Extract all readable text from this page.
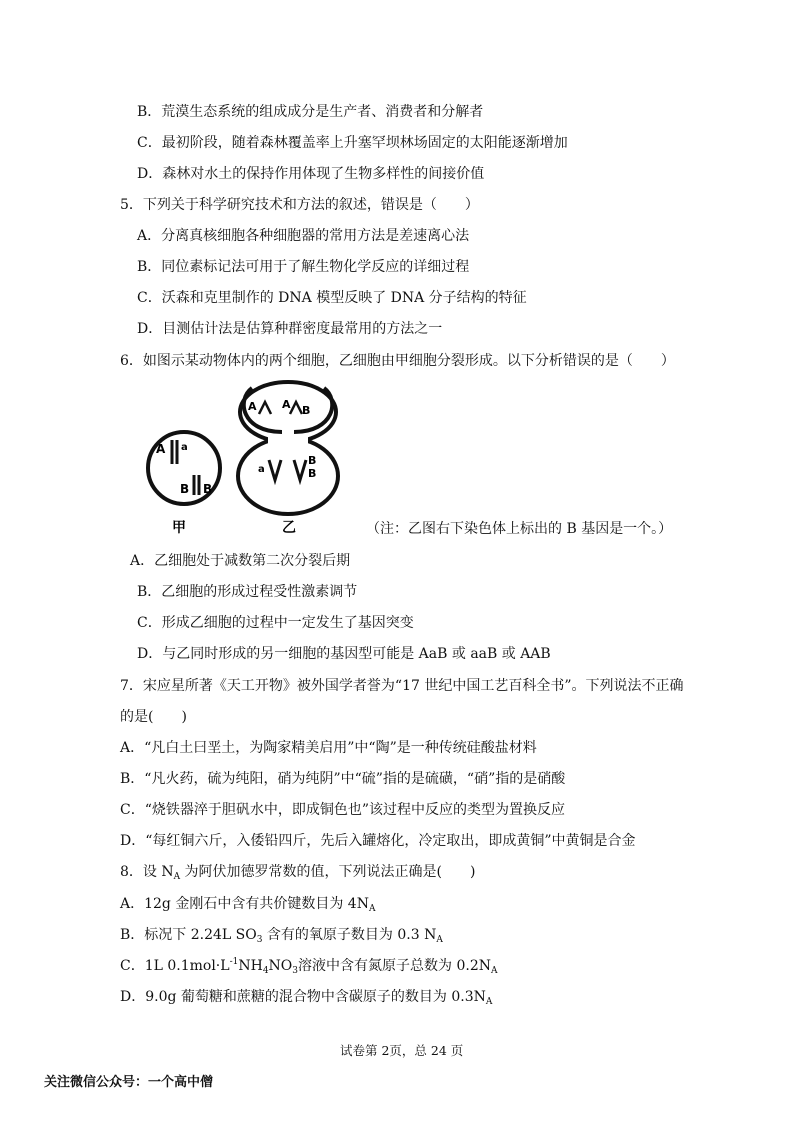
B．荒漠生态系统的组成成分是生产者、消费者和分解者
C．最初阶段，随着森林覆盖率上升塞罕坝林场固定的太阳能逐渐增加
D．森林对水土的保持作用体现了生物多样性的间接价值
5．下列关于科学研究技术和方法的叙述，错误是（　　）
A．分离真核细胞各种细胞器的常用方法是差速离心法
B．同位素标记法可用于了解生物化学反应的详细过程
C．沃森和克里制作的 DNA 模型反映了 DNA 分子结构的特征
D．目测估计法是估算种群密度最常用的方法之一
6．如图示某动物体内的两个细胞，乙细胞由甲细胞分裂形成。以下分析错误的是（　　）
A a
B B
甲
A A B
a
B
B
乙	（注：乙图右下染色体上标出的 B 基因是一个。）
A．乙细胞处于减数第二次分裂后期
B．乙细胞的形成过程受性激素调节
C．形成乙细胞的过程中一定发生了基因突变
D．与乙同时形成的另一细胞的基因型可能是 AaB 或 aaB 或 AAB
7．宋应星所著《天工开物》被外国学者誉为“17 世纪中国工艺百科全书”。下列说法不正确
的是(　　)
A．“凡白土曰垩土，为陶家精美启用”中“陶”是一种传统硅酸盐材料
B．“凡火药，硫为纯阳，硝为纯阴”中“硫”指的是硫磺，“硝”指的是硝酸
C．“烧铁器淬于胆矾水中，即成铜色也”该过程中反应的类型为置换反应
D．“每红铜六斤，入倭铅四斤，先后入罐熔化，冷定取出，即成黄铜”中黄铜是合金
8．设 $N_A$ 为阿伏加德罗常数的值，下列说法正确是(　　)
A．12g 金刚石中含有共价键数目为 $4N_A$
B．标况下 2.24L $SO_3$ 含有的氧原子数目为 0.3 $N_A$
C．1L $0.1mol\cdot L^{-1}NH_4NO_3$溶液中含有氮原子总数为 $0.2N_A$
D．9.0g 葡萄糖和蔗糖的混合物中含碳原子的数目为 $0.3N_A$
试卷第 2页，总 24 页
关注微信公众号：一个高中僧
